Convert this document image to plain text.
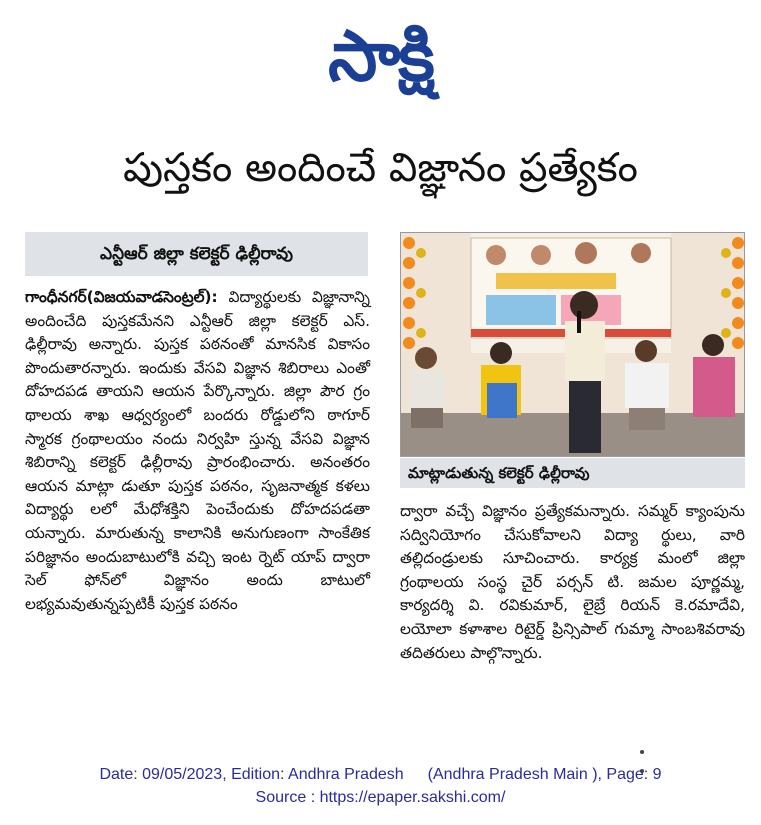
సాక్షి
పుస్తకం అందించే విజ్ఞానం ప్రత్యేకం
ఎన్టీఆర్ జిల్లా కలెక్టర్ ఢిల్లీరావు
గాంధీనగర్(విజయవాడసెంట్రల్): విద్యార్థులకు విజ్ఞానాన్ని అందించేది పుస్తకమేనని ఎన్టీఆర్ జిల్లా కలెక్టర్ ఎస్. ఢిల్లీరావు అన్నారు. పుస్తక పఠనంతో మానసిక వికాసం పొందుతారన్నారు. ఇందుకు వేసవి విజ్ఞాన శిబిరాలు ఎంతో దోహదపడ తాయని ఆయన పేర్కొన్నారు. జిల్లా పౌర గ్రం థాలయ శాఖ ఆధ్వర్యంలో బందరు రోడ్డులోని ఠాగూర్ స్మారక గ్రంథాలయం నందు నిర్వహి స్తున్న వేసవి విజ్ఞాన శిబిరాన్ని కలెక్టర్ ఢిల్లీరావు ప్రారంభించారు. అనంతరం ఆయన మాట్లా డుతూ పుస్తక పఠనం, సృజనాత్మక కళలు విద్యార్థు లలో మేధోశక్తిని పెంచేందుకు దోహదపడతా యన్నారు. మారుతున్న కాలానికి అనుగుణంగా సాంకేతిక పరిజ్ఞానం అందుబాటులోకి వచ్చి ఇంట ర్నెట్ యాప్ ద్వారా సెల్ ఫోన్‌లో విజ్ఞానం అందు బాటులో లభ్యమవుతున్నప్పటికీ పుస్తక పఠనం
మాట్లాడుతున్న కలెక్టర్ ఢిల్లీరావు
ద్వారా వచ్చే విజ్ఞానం ప్రత్యేకమన్నారు. సమ్మర్ క్యాంపును సద్వినియోగం చేసుకోవాలని విద్యా ర్థులు, వారి తల్లిదండ్రులకు సూచించారు. కార్యక్ర మంలో జిల్లా గ్రంథాలయ సంస్థ చైర్ పర్సన్ టి. జమల పూర్ణమ్మ, కార్యదర్శి వి. రవికుమార్, లైబ్రే రియన్ కె.రమాదేవి, లయోలా కళాశాల రిటైర్డ్ ప్రిన్సిపాల్ గుమ్మా సాంబశివరావు తదితరులు పాల్గొన్నారు.
Date: 09/05/2023, Edition: Andhra Pradesh (Andhra Pradesh Main ), Page: 9
Source : https://epaper.sakshi.com/
